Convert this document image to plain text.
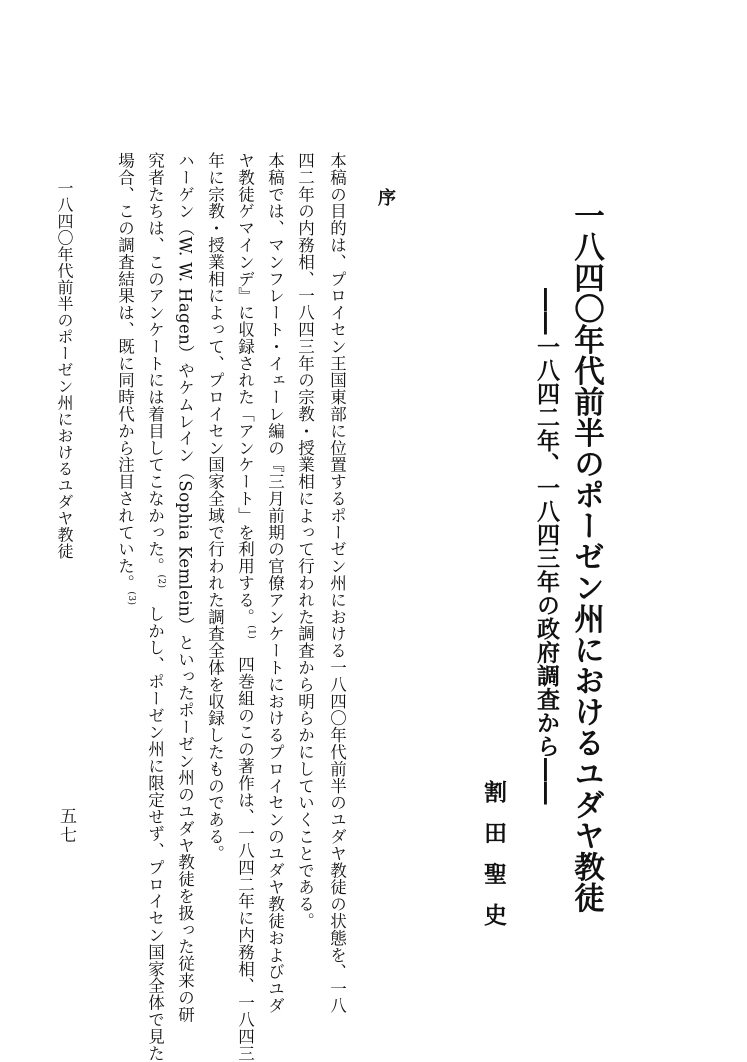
一八四〇年代前半のポーゼン州におけるユダヤ教徒
――一八四二年、一八四三年の政府調査から――
割田聖史
序
本稿の目的は、プロイセン王国東部に位置するポーゼン州における一八四〇年代前半のユダヤ教徒の状態を、一八
四二年の内務相、一八四三年の宗教・授業相によって行われた調査から明らかにしていくことである。
本稿では、マンフレート・イェーレ編の『三月前期の官僚アンケートにおけるプロイセンのユダヤ教徒およびユダ
ヤ教徒ゲマインデ』に収録された「アンケート」を利用する。$^{(1)}$　四巻組のこの著作は、一八四二年に内務相、一八四三
年に宗教・授業相によって、プロイセン国家全域で行われた調査全体を収録したものである。
ハーゲン（W. W. Hagen）やケムレイン（Sophia Kemlein）といったポーゼン州のユダヤ教徒を扱った従来の研
究者たちは、このアンケートには着目してこなかった。$^{(2)}$　しかし、ポーゼン州に限定せず、プロイセン国家全体で見た
場合、この調査結果は、既に同時代から注目されていた。$^{(3)}$
一八四〇年代前半のポーゼン州におけるユダヤ教徒
五七
